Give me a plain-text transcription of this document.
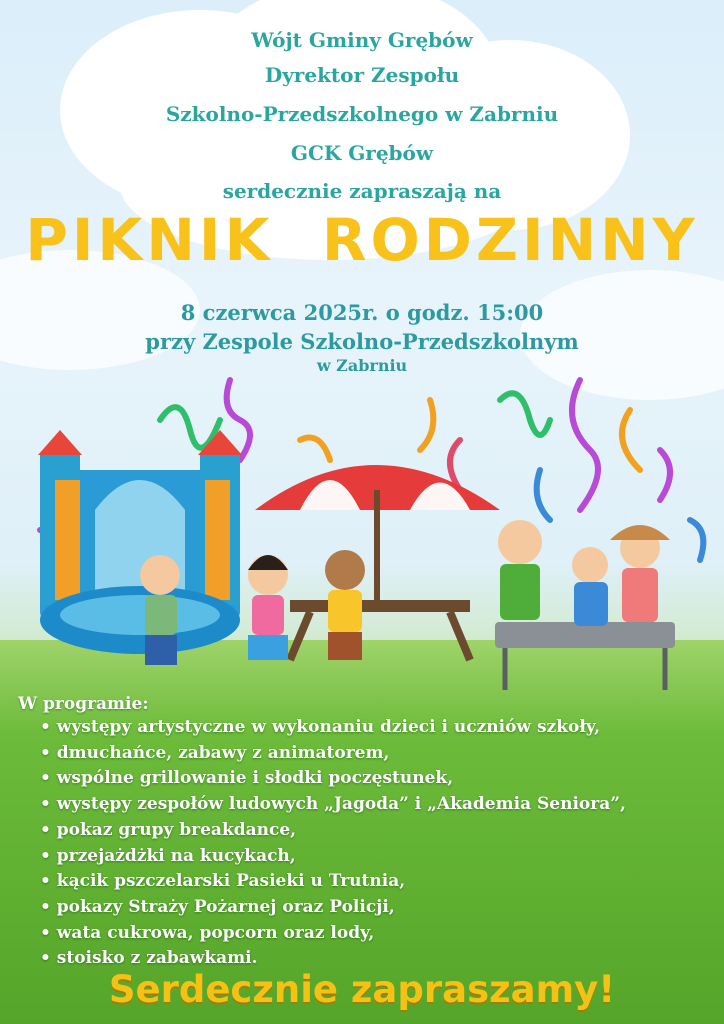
Wójt Gminy Grębów
Dyrektor Zespołu
Szkolno-Przedszkolnego w Zabrniu
GCK Grębów
serdecznie zapraszają na
PIKNIK  RODZINNY
8 czerwca 2025r. o godz. 15:00
przy Zespole Szkolno-Przedszkolnym
w Zabrniu
W programie:
• występy artystyczne w wykonaniu dzieci i uczniów szkoły,
• dmuchańce, zabawy z animatorem,
• wspólne grillowanie i słodki poczęstunek,
• występy zespołów ludowych „Jagoda” i „Akademia Seniora”,
• pokaz grupy breakdance,
• przejażdżki na kucykach,
• kącik pszczelarski Pasieki u Trutnia,
• pokazy Straży Pożarnej oraz Policji,
• wata cukrowa, popcorn oraz lody,
• stoisko z zabawkami.
Serdecznie zapraszamy!
